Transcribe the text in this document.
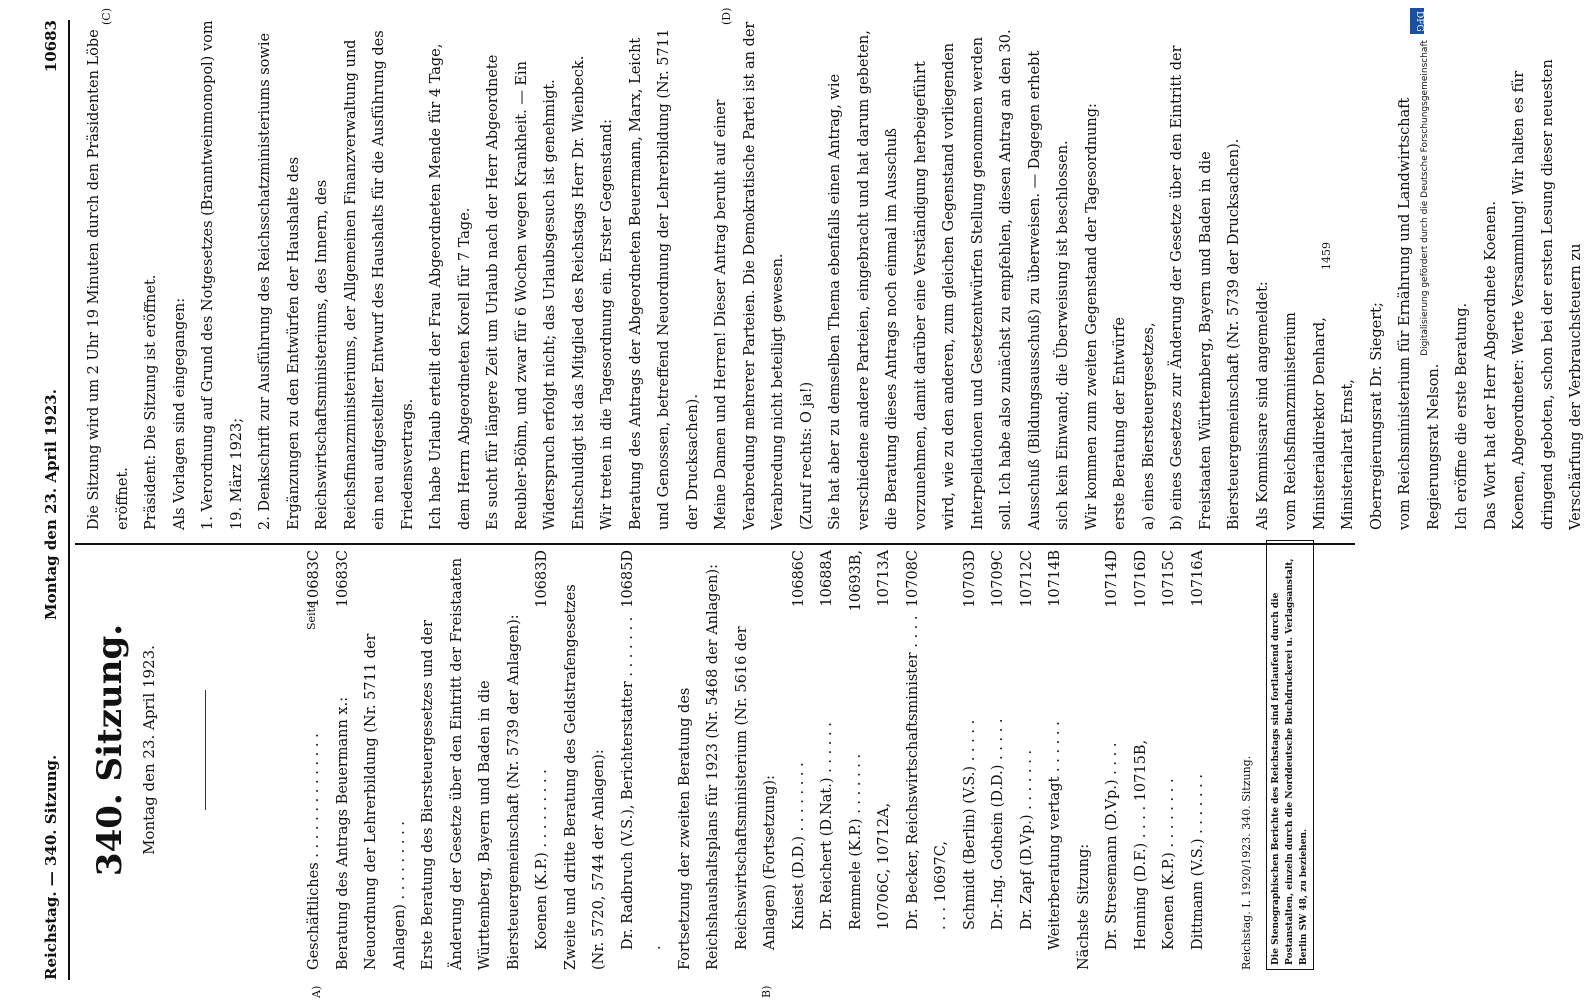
Reichstag. — 340. Sitzung.
Montag den 23. April 1923.
10683
A)	B)
(C)	(D)
340. Sitzung. Montag den 23. April 1923.
Seite
Geschäftliches . . . . . . . . . . . . . .
10683C
Beratung des Antrags Beuermann x.: Neuordnung der Lehrerbildung (Nr. 5711 der Anlagen) . . . . . . . . .
10683C
Erste Beratung des Biersteuergesetzes und der Änderung der Gesetze über den Eintritt der Freistaaten Württemberg, Bayern und Baden in die Biersteuergemeinschaft (Nr. 5739 der Anlagen): Koenen (K.P.) . . . . . . . . .
10683D
Zweite und dritte Beratung des Geldstrafengesetzes (Nr. 5720, 5744 der Anlagen): Dr. Radbruch (V.S.), Berichterstatter . . . . . . . .
10685D
Fortsetzung der zweiten Beratung des Reichshaushaltsplans für 1923 (Nr. 5468 der Anlagen): Reichswirtschaftsministerium (Nr. 5616 der Anlagen) (Fortsetzung): Kniest (D.D.) . . . . . . . .
10686C
Dr. Reichert (D.Nat.) . . . . . .
10688A
Remmele (K.P.) . . . . . . .
10693B,
10706C, 10712A,
10713A
Dr. Becker, Reichswirtschaftsminister . . . . . . . 10697C,
10708C
Schmidt (Berlin) (V.S.) . . . . .
10703D
Dr.-Ing. Gothein (D.D.) . . . . .
10709C
Dr. Zapf (D.Vp.) . . . . . . .
10712C
Weiterberatung vertagt . . . . . .
10714B
Nächste Sitzung: Dr. Stresemann (D.Vp.) . . . .
10714D
Henning (D.F.) . . . . 10715B,
10716D
Koenen (K.P.) . . . . . . . .
10715C
Dittmann (V.S.) . . . . . . .
10716A

Die Sitzung wird um 2 Uhr 19 Minuten durch den Präsidenten Löbe eröffnet. Präsident: Die Sitzung ist eröffnet. Als Vorlagen sind eingegangen: 1. Verordnung auf Grund des Notgesetzes (Branntweinmonopol) vom 19. März 1923; 2. Denkschrift zur Ausführung des Reichsschatzministeriums sowie Ergänzungen zu den Entwürfen der Haushalte des Reichswirtschaftsministeriums, des Innern, des Reichsfinanzministeriums, der Allgemeinen Finanzverwaltung und ein neu aufgestellter Entwurf des Haushalts für die Ausführung des Friedensvertrags. Ich habe Urlaub erteilt der Frau Abgeordneten Mende für 4 Tage, dem Herrn Abgeordneten Korell für 7 Tage. Es sucht für längere Zeit um Urlaub nach der Herr Abgeordnete Reubler-Böhm, und zwar für 6 Wochen wegen Krankheit. — Ein Widerspruch erfolgt nicht; das Urlaubsgesuch ist genehmigt. Entschuldigt ist das Mitglied des Reichstags Herr Dr. Wienbeck. Wir treten in die Tagesordnung ein. Erster Gegenstand: Beratung des Antrags der Abgeordneten Beuermann, Marx, Leicht und Genossen, betreffend Neuordnung der Lehrerbildung (Nr. 5711 der Drucksachen). Meine Damen und Herren! Dieser Antrag beruht auf einer Verabredung mehrerer Parteien. Die Demokratische Partei ist an der Verabredung nicht beteiligt gewesen. (Zuruf rechts: O ja!) Sie hat aber zu demselben Thema ebenfalls einen Antrag, wie verschiedene andere Parteien, eingebracht und hat darum gebeten, die Beratung dieses Antrags noch einmal im Ausschuß vorzunehmen, damit darüber eine Verständigung herbeigeführt wird, wie zu den anderen, zum gleichen Gegenstand vorliegenden Interpellationen und Gesetzentwürfen Stellung genommen werden soll. Ich habe also zunächst zu empfehlen, diesen Antrag an den 30. Ausschuß (Bildungsausschuß) zu überweisen. — Dagegen erhebt sich kein Einwand; die Überweisung ist beschlossen. Wir kommen zum zweiten Gegenstand der Tagesordnung: erste Beratung der Entwürfe a) eines Biersteuergesetzes, b) eines Gesetzes zur Änderung der Gesetze über den Eintritt der Freistaaten Württemberg, Bayern und Baden in die Biersteuergemeinschaft (Nr. 5739 der Drucksachen). Als Kommissare sind angemeldet: vom Reichsfinanzministerium Ministerialdirektor Denhard, Ministerialrat Ernst, Oberregierungsrat Dr. Siegert; vom Reichsministerium für Ernährung und Landwirtschaft Regierungsrat Nelson. Ich eröffne die erste Beratung. Das Wort hat der Herr Abgeordnete Koenen. Koenen, Abgeordneter: Werte Versammlung! Wir halten es für dringend geboten, schon bei der ersten Lesung dieser neuesten Verschärfung der Verbrauchsteuern zu

Reichstag. I. 1920/1923. 340. Sitzung.	Die Stenographischen Berichte des Reichstags sind fortlaufend durch die Postanstalten, einzeln durch die Norddeutsche Buchdruckerei u. Verlagsanstalt, Berlin SW 48, zu beziehen.
1459
DFG
Digitalisierung gefördert durch die Deutsche Forschungsgemeinschaft
